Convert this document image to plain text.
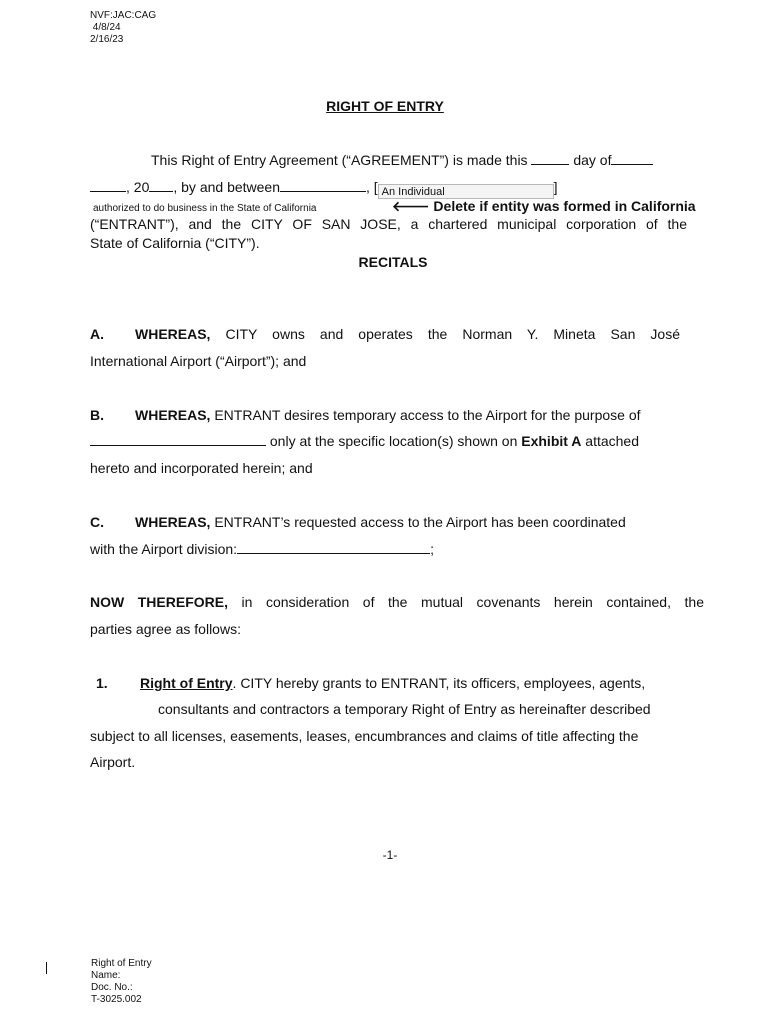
NVF:JAC:CAG
4/8/24
2/16/23
RIGHT OF ENTRY
This Right of Entry Agreement (“AGREEMENT”) is made this	day of
, 20 , by and between	, [ An Individual	]
authorized to do business in the State of California	🡐 Delete if entity was formed in California
(“ENTRANT”), and the CITY OF SAN JOSE, a chartered municipal corporation of the
State of California (“CITY”).
RECITALS
A. WHEREAS, CITY owns and operates the Norman Y. Mineta San José
International Airport (“Airport”); and
B. WHEREAS, ENTRANT desires temporary access to the Airport for the purpose of
only at the specific location(s) shown on Exhibit A attached
hereto and incorporated herein; and
C. WHEREAS, ENTRANT’s requested access to the Airport has been coordinated
with the Airport division:	;
NOW THEREFORE, in consideration of the mutual covenants herein contained, the
parties agree as follows:
1. Right of Entry. CITY hereby grants to ENTRANT, its officers, employees, agents,
consultants and contractors a temporary Right of Entry as hereinafter described
subject to all licenses, easements, leases, encumbrances and claims of title affecting the
Airport.
-1-
Right of Entry
Name:
Doc. No.:
T-3025.002
